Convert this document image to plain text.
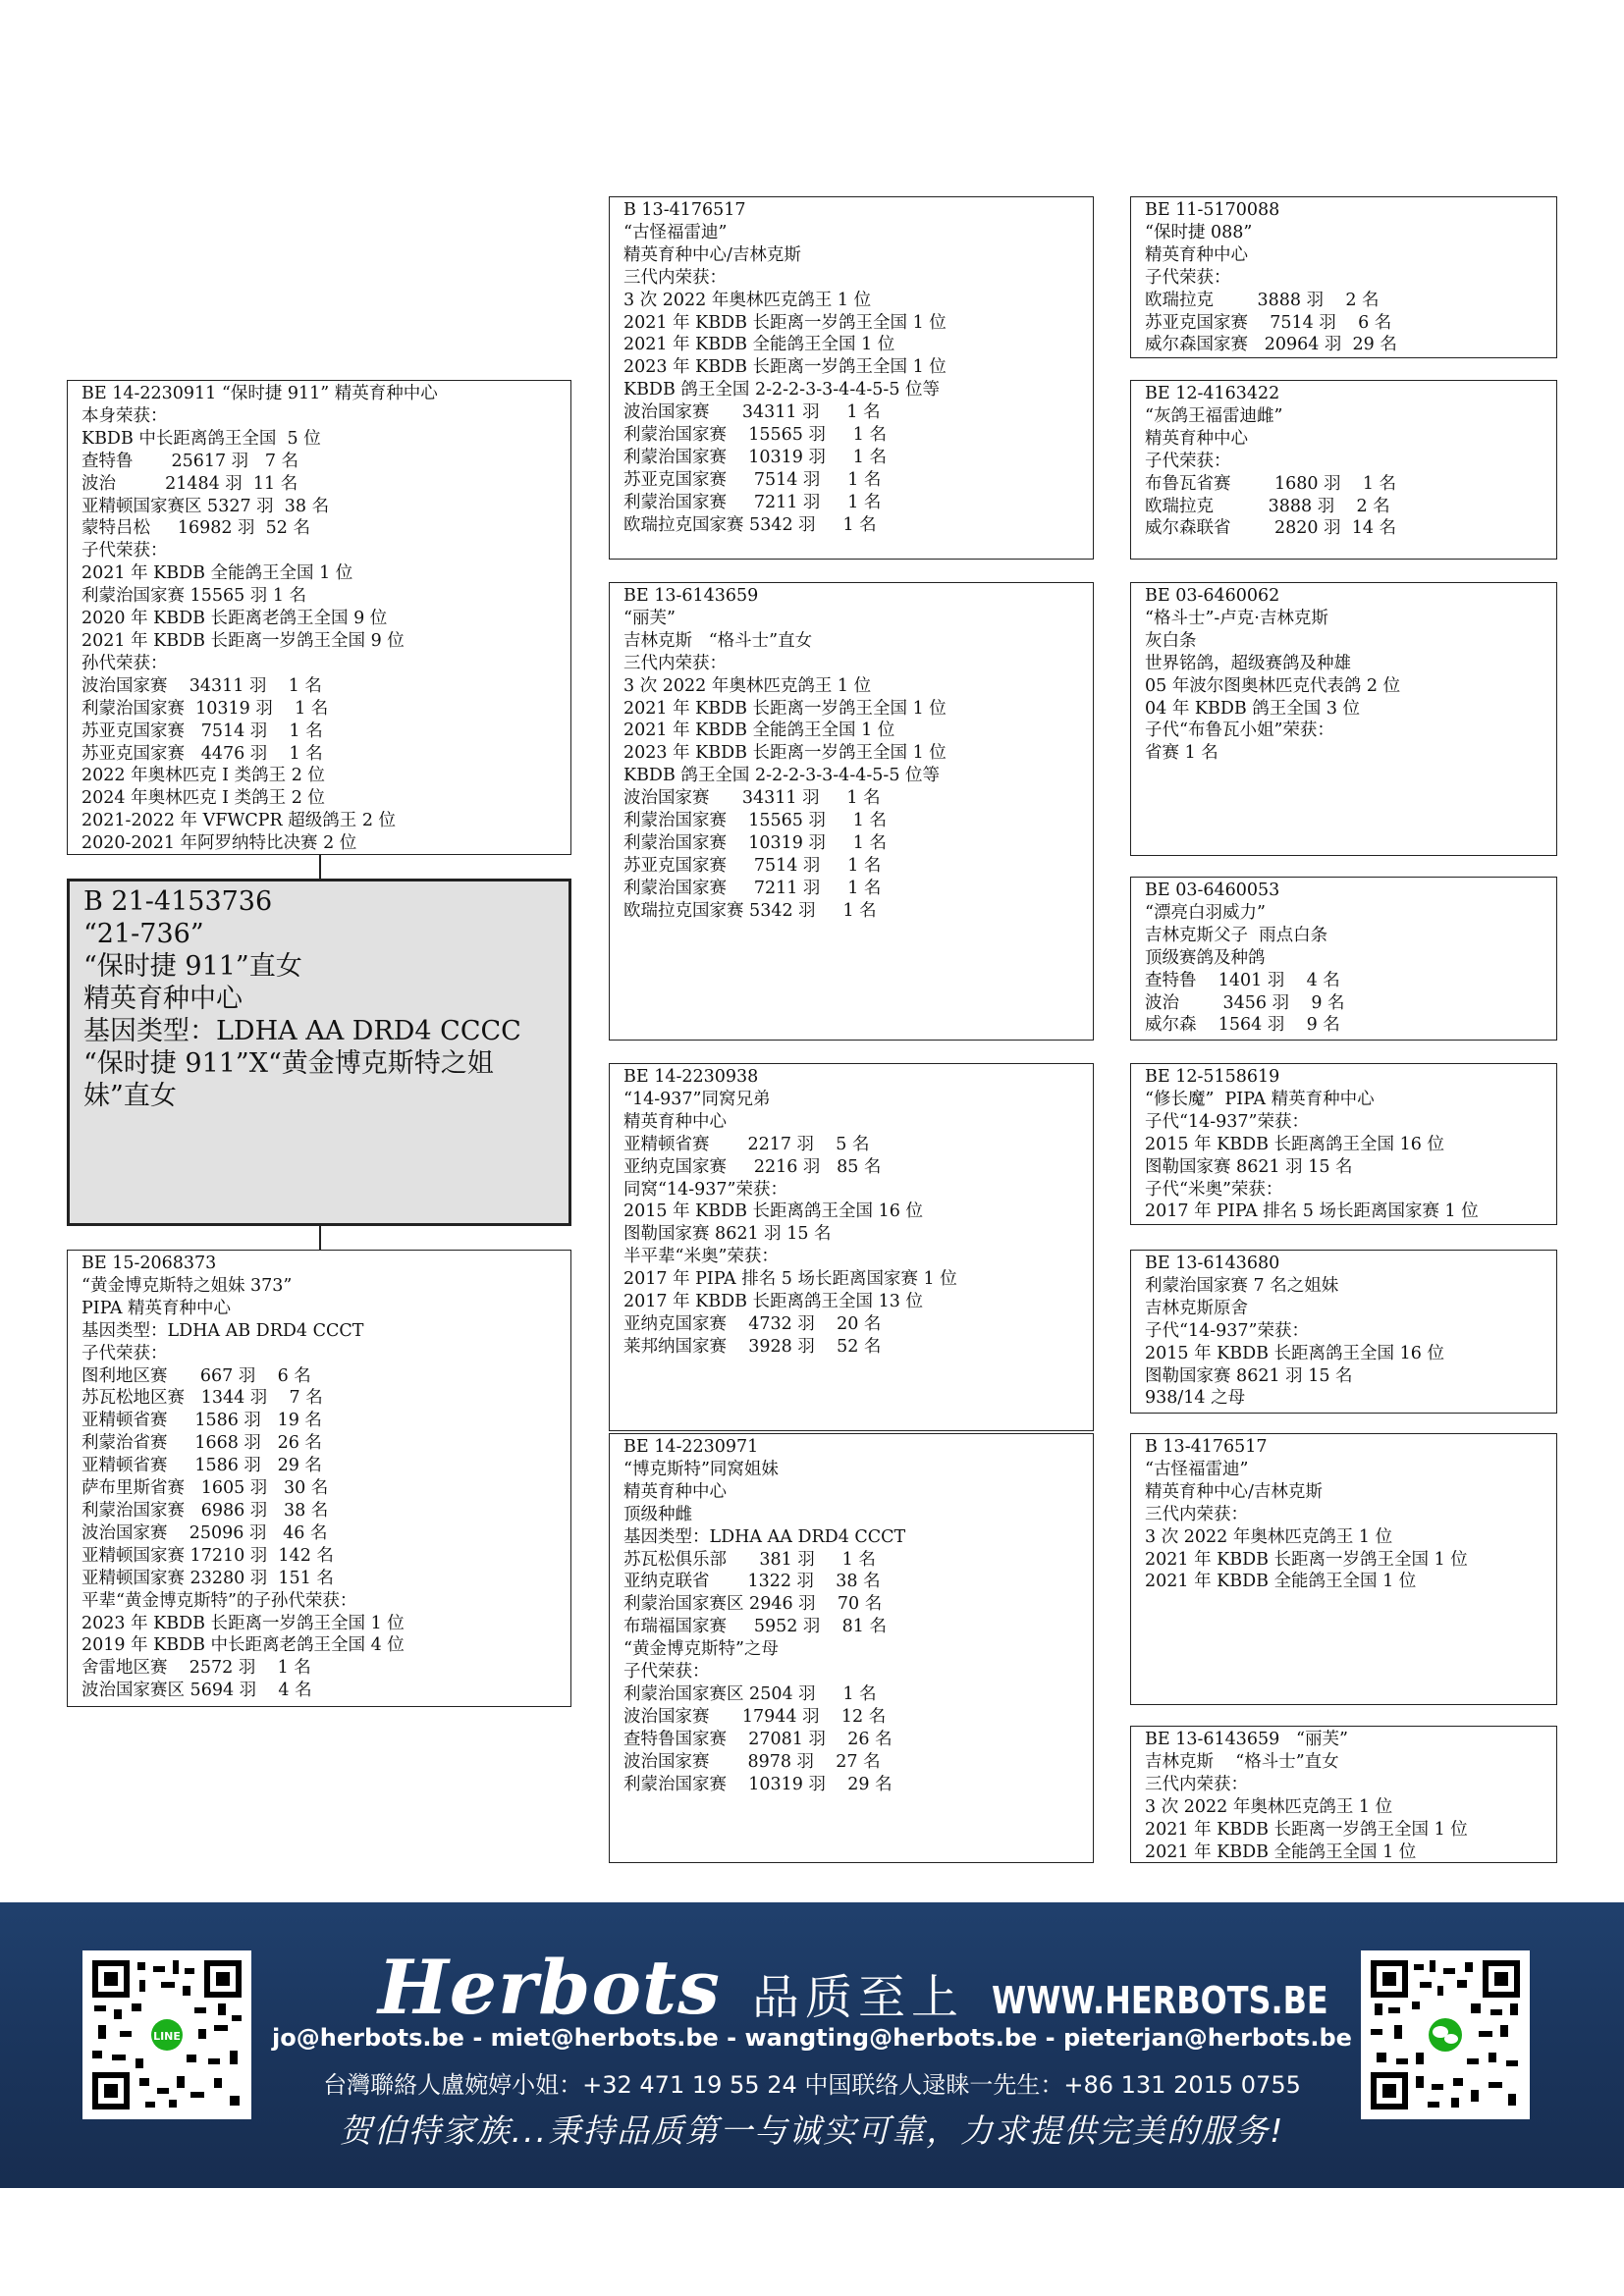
BE 14-2230911 “保时捷 911” 精英育种中心
本身荣获：
KBDB 中长距离鸽王全国  5 位
查特鲁       25617 羽   7 名
波治         21484 羽  11 名
亚精顿国家赛区 5327 羽  38 名
蒙特吕松     16982 羽  52 名
子代荣获：
2021 年 KBDB 全能鸽王全国 1 位
利蒙治国家赛 15565 羽 1 名
2020 年 KBDB 长距离老鸽王全国 9 位
2021 年 KBDB 长距离一岁鸽王全国 9 位
孙代荣获：
波治国家赛    34311 羽    1 名
利蒙治国家赛  10319 羽    1 名
苏亚克国家赛   7514 羽    1 名
苏亚克国家赛   4476 羽    1 名
2022 年奥林匹克 I 类鸽王 2 位
2024 年奥林匹克 I 类鸽王 2 位
2021-2022 年 VFWCPR 超级鸽王 2 位
2020-2021 年阿罗纳特比决赛 2 位
B 21-4153736
“21-736”
“保时捷 911”直女
精英育种中心
基因类型：LDHA AA DRD4 CCCC
“保时捷 911”X“黄金博克斯特之姐妹”直女
BE 15-2068373
“黄金博克斯特之姐妹 373”
PIPA 精英育种中心
基因类型：LDHA AB DRD4 CCCT
子代荣获：
图利地区赛      667 羽    6 名
苏瓦松地区赛   1344 羽    7 名
亚精顿省赛     1586 羽   19 名
利蒙治省赛     1668 羽   26 名
亚精顿省赛     1586 羽   29 名
萨布里斯省赛   1605 羽   30 名
利蒙治国家赛   6986 羽   38 名
波治国家赛    25096 羽   46 名
亚精顿国家赛 17210 羽  142 名
亚精顿国家赛 23280 羽  151 名
平辈“黄金博克斯特”的子孙代荣获：
2023 年 KBDB 长距离一岁鸽王全国 1 位
2019 年 KBDB 中长距离老鸽王全国 4 位
舍雷地区赛    2572 羽    1 名
波治国家赛区 5694 羽    4 名
B 13-4176517
“古怪福雷迪”
精英育种中心/吉林克斯
三代内荣获：
3 次 2022 年奥林匹克鸽王 1 位
2021 年 KBDB 长距离一岁鸽王全国 1 位
2021 年 KBDB 全能鸽王全国 1 位
2023 年 KBDB 长距离一岁鸽王全国 1 位
KBDB 鸽王全国 2-2-2-3-3-4-4-5-5 位等
波治国家赛      34311 羽     1 名
利蒙治国家赛    15565 羽     1 名
利蒙治国家赛    10319 羽     1 名
苏亚克国家赛     7514 羽     1 名
利蒙治国家赛     7211 羽     1 名
欧瑞拉克国家赛 5342 羽     1 名
BE 13-6143659
“丽芙”
吉林克斯   “格斗士”直女
三代内荣获：
3 次 2022 年奥林匹克鸽王 1 位
2021 年 KBDB 长距离一岁鸽王全国 1 位
2021 年 KBDB 全能鸽王全国 1 位
2023 年 KBDB 长距离一岁鸽王全国 1 位
KBDB 鸽王全国 2-2-2-3-3-4-4-5-5 位等
波治国家赛      34311 羽     1 名
利蒙治国家赛    15565 羽     1 名
利蒙治国家赛    10319 羽     1 名
苏亚克国家赛     7514 羽     1 名
利蒙治国家赛     7211 羽     1 名
欧瑞拉克国家赛 5342 羽     1 名
BE 14-2230938
“14-937”同窝兄弟
精英育种中心
亚精顿省赛       2217 羽    5 名
亚纳克国家赛     2216 羽   85 名
同窝“14-937”荣获：
2015 年 KBDB 长距离鸽王全国 16 位
图勒国家赛 8621 羽 15 名
半平辈“米奥”荣获：
2017 年 PIPA 排名 5 场长距离国家赛 1 位
2017 年 KBDB 长距离鸽王全国 13 位
亚纳克国家赛    4732 羽    20 名
莱邦纳国家赛    3928 羽    52 名
BE 14-2230971
“博克斯特”同窝姐妹
精英育种中心
顶级种雌
基因类型：LDHA AA DRD4 CCCT
苏瓦松俱乐部      381 羽     1 名
亚纳克联省       1322 羽    38 名
利蒙治国家赛区 2946 羽    70 名
布瑞福国家赛     5952 羽    81 名
“黄金博克斯特”之母
子代荣获：
利蒙治国家赛区 2504 羽     1 名
波治国家赛      17944 羽    12 名
查特鲁国家赛    27081 羽    26 名
波治国家赛       8978 羽    27 名
利蒙治国家赛    10319 羽    29 名
BE 11-5170088
“保时捷 088”
精英育种中心
子代荣获：
欧瑞拉克        3888 羽    2 名
苏亚克国家赛    7514 羽    6 名
威尔森国家赛   20964 羽  29 名
BE 12-4163422
“灰鸽王福雷迪雌”
精英育种中心
子代荣获：
布鲁瓦省赛        1680 羽    1 名
欧瑞拉克          3888 羽    2 名
威尔森联省        2820 羽  14 名
BE 03-6460062
“格斗士”-卢克·吉林克斯
灰白条
世界铭鸽，超级赛鸽及种雄
05 年波尔图奥林匹克代表鸽 2 位
04 年 KBDB 鸽王全国 3 位
子代“布鲁瓦小姐”荣获：
省赛 1 名
BE 03-6460053
“漂亮白羽威力”
吉林克斯父子  雨点白条
顶级赛鸽及种鸽
查特鲁    1401 羽    4 名
波治        3456 羽    9 名
威尔森    1564 羽    9 名
BE 12-5158619
“修长魔”  PIPA 精英育种中心
子代“14-937”荣获：
2015 年 KBDB 长距离鸽王全国 16 位
图勒国家赛 8621 羽 15 名
子代“米奥”荣获：
2017 年 PIPA 排名 5 场长距离国家赛 1 位
BE 13-6143680
利蒙治国家赛 7 名之姐妹
吉林克斯原舍
子代“14-937”荣获：
2015 年 KBDB 长距离鸽王全国 16 位
图勒国家赛 8621 羽 15 名
938/14 之母
B 13-4176517
“古怪福雷迪”
精英育种中心/吉林克斯
三代内荣获：
3 次 2022 年奥林匹克鸽王 1 位
2021 年 KBDB 长距离一岁鸽王全国 1 位
2021 年 KBDB 全能鸽王全国 1 位
BE 13-6143659   “丽芙”
吉林克斯    “格斗士”直女
三代内荣获：
3 次 2022 年奥林匹克鸽王 1 位
2021 年 KBDB 长距离一岁鸽王全国 1 位
2021 年 KBDB 全能鸽王全国 1 位
LINE
Herbots 品质至上 WWW.HERBOTS.BE
jo@herbots.be - miet@herbots.be - wangting@herbots.be - pieterjan@herbots.be
台灣聯絡人盧婉婷小姐：+32 471 19 55 24 中国联络人逯睐一先生：+86 131 2015 0755
贺伯特家族...秉持品质第一与诚实可靠，力求提供完美的服务!
